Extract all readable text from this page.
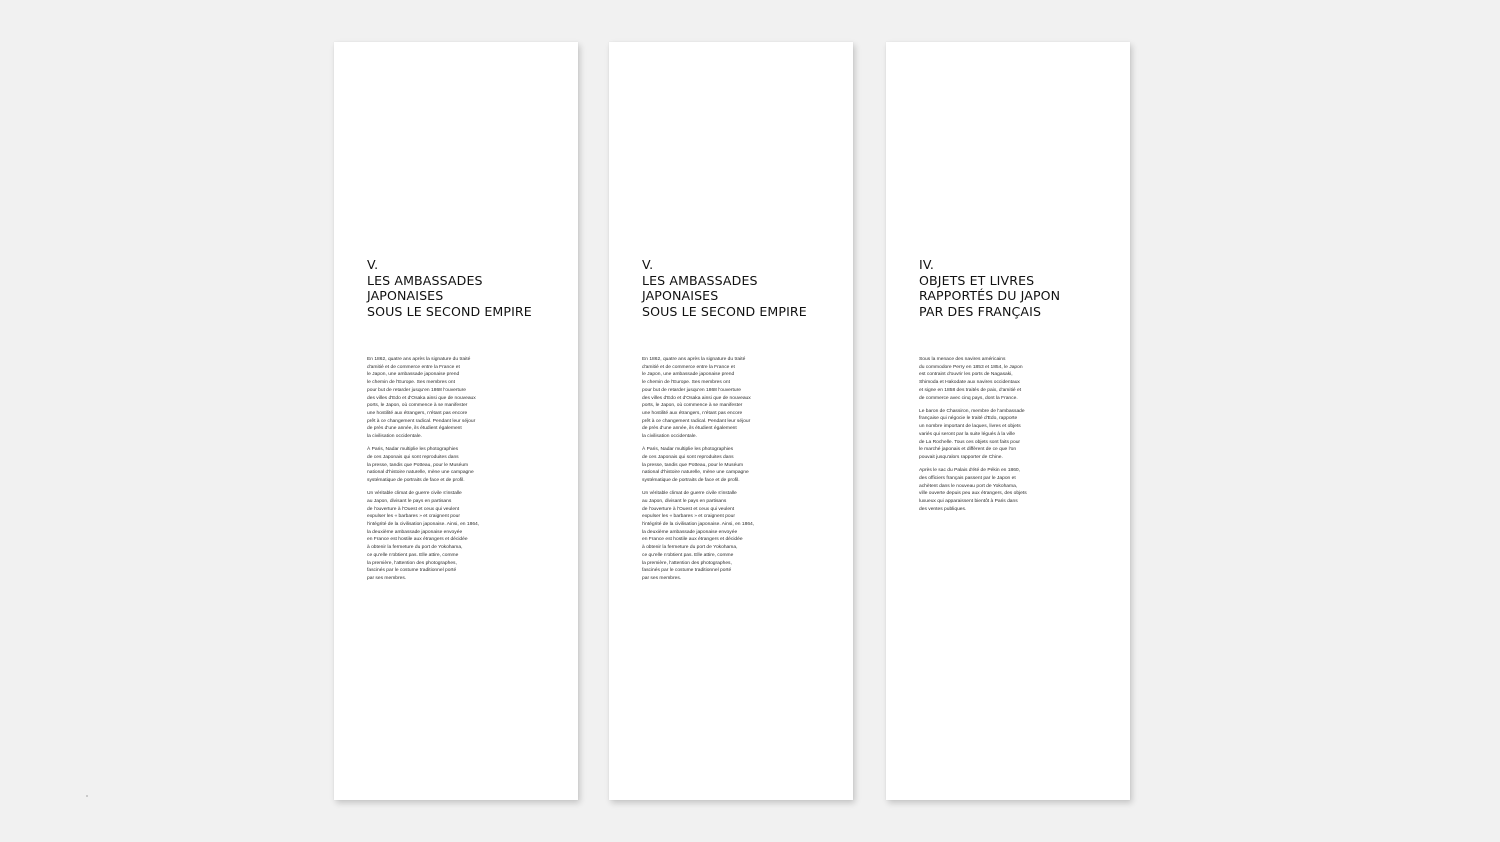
V.
LES AMBASSADES
JAPONAISES
SOUS LE SECOND EMPIRE
En 1862, quatre ans après la signature du traité
d'amitié et de commerce entre la France et
le Japon, une ambassade japonaise prend
le chemin de l'Europe. Ses membres ont
pour but de retarder jusqu'en 1868 l'ouverture
des villes d'Edo et d'Osaka ainsi que de nouveaux
ports, le Japon, où commence à se manifester
une hostilité aux étrangers, n'étant pas encore
prêt à ce changement radical. Pendant leur séjour
de près d'une année, ils étudient également
la civilisation occidentale.
À Paris, Nadar multiplie les photographies
de ces Japonais qui sont reproduites dans
la presse, tandis que Potteau, pour le Muséum
national d'histoire naturelle, mène une campagne
systématique de portraits de face et de profil.
Un véritable climat de guerre civile s'installe
au Japon, divisant le pays en partisans
de l'ouverture à l'Ouest et ceux qui veulent
expulser les « barbares » et craignent pour
l'intégrité de la civilisation japonaise. Ainsi, en 1864,
la deuxième ambassade japonaise envoyée
en France est hostile aux étrangers et décidée
à obtenir la fermeture du port de Yokohama,
ce qu'elle n'obtient pas. Elle attire, comme
la première, l'attention des photographes,
fascinés par le costume traditionnel porté
par ses membres.
V.
LES AMBASSADES
JAPONAISES
SOUS LE SECOND EMPIRE
En 1862, quatre ans après la signature du traité
d'amitié et de commerce entre la France et
le Japon, une ambassade japonaise prend
le chemin de l'Europe. Ses membres ont
pour but de retarder jusqu'en 1868 l'ouverture
des villes d'Edo et d'Osaka ainsi que de nouveaux
ports, le Japon, où commence à se manifester
une hostilité aux étrangers, n'étant pas encore
prêt à ce changement radical. Pendant leur séjour
de près d'une année, ils étudient également
la civilisation occidentale.
À Paris, Nadar multiplie les photographies
de ces Japonais qui sont reproduites dans
la presse, tandis que Potteau, pour le Muséum
national d'histoire naturelle, mène une campagne
systématique de portraits de face et de profil.
Un véritable climat de guerre civile s'installe
au Japon, divisant le pays en partisans
de l'ouverture à l'Ouest et ceux qui veulent
expulser les « barbares » et craignent pour
l'intégrité de la civilisation japonaise. Ainsi, en 1864,
la deuxième ambassade japonaise envoyée
en France est hostile aux étrangers et décidée
à obtenir la fermeture du port de Yokohama,
ce qu'elle n'obtient pas. Elle attire, comme
la première, l'attention des photographes,
fascinés par le costume traditionnel porté
par ses membres.
IV.
OBJETS ET LIVRES
RAPPORTÉS DU JAPON
PAR DES FRANÇAIS
Sous la menace des navires américains
du commodore Perry en 1853 et 1854, le Japon
est contraint d'ouvrir les ports de Nagasaki,
Shimoda et Hakodate aux navires occidentaux
et signe en 1858 des traités de paix, d'amitié et
de commerce avec cinq pays, dont la France.
Le baron de Chassiron, membre de l'ambassade
française qui négocie le traité d'Edo, rapporte
un nombre important de laques, livres et objets
variés qui seront par la suite légués à la ville
de La Rochelle. Tous ces objets sont faits pour
le marché japonais et diffèrent de ce que l'on
pouvait jusqu'alors rapporter de Chine.
Après le sac du Palais d'été de Pékin en 1860,
des officiers français passent par le Japon et
achètent dans le nouveau port de Yokohama,
ville ouverte depuis peu aux étrangers, des objets
luxueux qui apparaissent bientôt à Paris dans
des ventes publiques.
